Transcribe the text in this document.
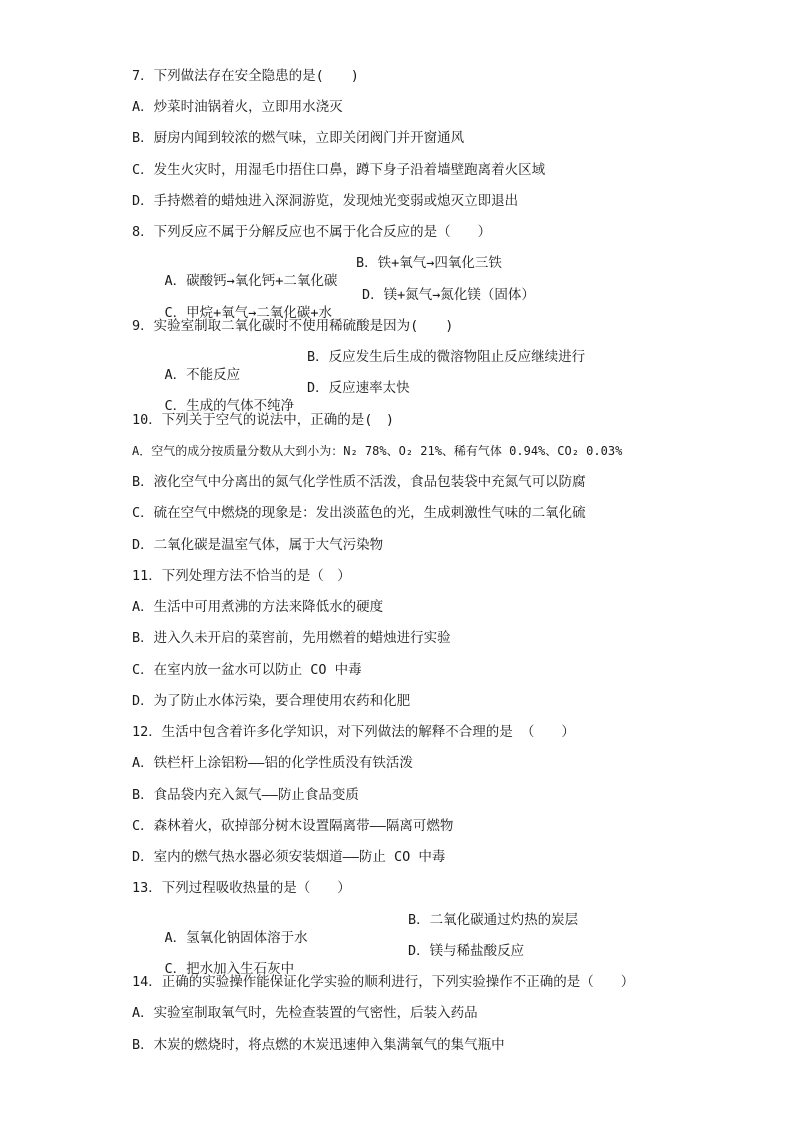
7．下列做法存在安全隐患的是(　　)
A．炒菜时油锅着火，立即用水浇灭
B．厨房内闻到较浓的燃气味，立即关闭阀门并开窗通风
C．发生火灾时，用湿毛巾捂住口鼻，蹲下身子沿着墙壁跑离着火区域
D．手持燃着的蜡烛进入深洞游览，发现烛光变弱或熄灭立即退出
8．下列反应不属于分解反应也不属于化合反应的是（　　）

A．碳酸钙→氧化钙+二氧化碳

B．铁+氧气→四氧化三铁

C．甲烷+氧气→二氧化碳+水

D．镁+氮气→氮化镁（固体）

9．实验室制取二氧化碳时不使用稀硫酸是因为(　　)

A．不能反应

B．反应发生后生成的微溶物阻止反应继续进行

C．生成的气体不纯净

D．反应速率太快

10．下列关于空气的说法中，正确的是(　)
A．空气的成分按质量分数从大到小为：N₂ 78%、O₂ 21%、稀有气体 0.94%、CO₂ 0.03%
B．液化空气中分离出的氮气化学性质不活泼，食品包装袋中充氮气可以防腐
C．硫在空气中燃烧的现象是：发出淡蓝色的光，生成刺激性气味的二氧化硫
D．二氧化碳是温室气体，属于大气污染物
11．下列处理方法不恰当的是（　）
A．生活中可用煮沸的方法来降低水的硬度
B．进入久未开启的菜窖前，先用燃着的蜡烛进行实验
C．在室内放一盆水可以防止 CO 中毒
D．为了防止水体污染，要合理使用农药和化肥
12．生活中包含着许多化学知识，对下列做法的解释不合理的是 （　　）
A．铁栏杆上涂铝粉——铝的化学性质没有铁活泼
B．食品袋内充入氮气——防止食品变质
C．森林着火，砍掉部分树木设置隔离带——隔离可燃物
D．室内的燃气热水器必须安装烟道——防止 CO 中毒
13．下列过程吸收热量的是（　　）

A．氢氧化钠固体溶于水

B．二氧化碳通过灼热的炭层

C．把水加入生石灰中

D．镁与稀盐酸反应

14．正确的实验操作能保证化学实验的顺利进行，下列实验操作不正确的是（　　）
A．实验室制取氧气时，先检查装置的气密性，后装入药品
B．木炭的燃烧时，将点燃的木炭迅速伸入集满氧气的集气瓶中
